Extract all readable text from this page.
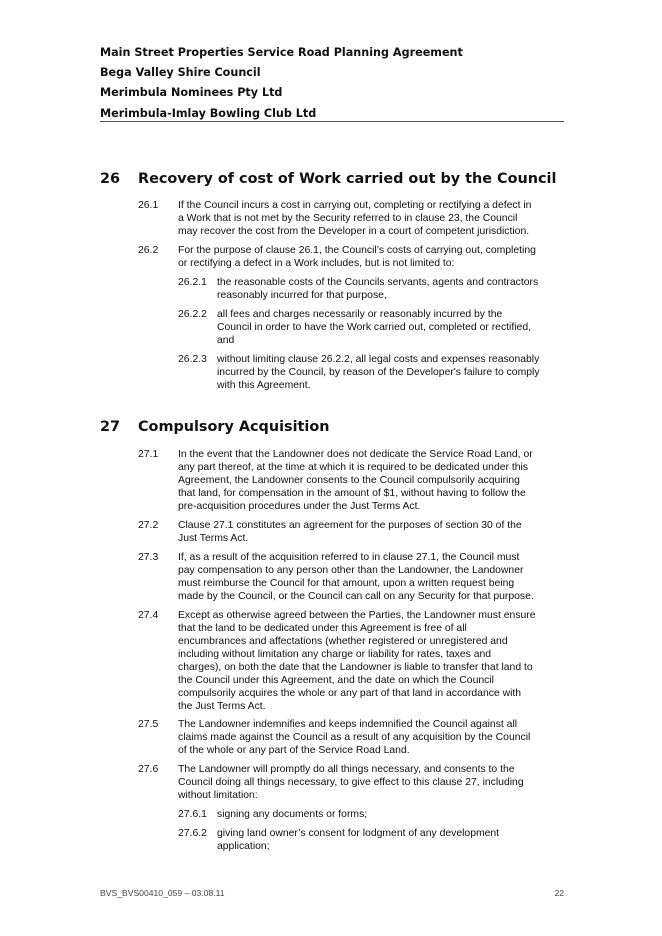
Main Street Properties Service Road Planning Agreement
Bega Valley Shire Council
Merimbula Nominees Pty Ltd
Merimbula-Imlay Bowling Club Ltd
26 Recovery of cost of Work carried out by the Council
26.1 If the Council incurs a cost in carrying out, completing or rectifying a defect in
a Work that is not met by the Security referred to in clause 23, the Council
may recover the cost from the Developer in a court of competent jurisdiction.
26.2 For the purpose of clause 26.1, the Council’s costs of carrying out, completing
or rectifying a defect in a Work includes, but is not limited to:
26.2.1 the reasonable costs of the Councils servants, agents and contractors
reasonably incurred for that purpose,
26.2.2 all fees and charges necessarily or reasonably incurred by the
Council in order to have the Work carried out, completed or rectified,
and
26.2.3 without limiting clause 26.2.2, all legal costs and expenses reasonably
incurred by the Council, by reason of the Developer's failure to comply
with this Agreement.
27 Compulsory Acquisition
27.1 In the event that the Landowner does not dedicate the Service Road Land, or
any part thereof, at the time at which it is required to be dedicated under this
Agreement, the Landowner consents to the Council compulsorily acquiring
that land, for compensation in the amount of $1, without having to follow the
pre-acquisition procedures under the Just Terms Act.
27.2 Clause 27.1 constitutes an agreement for the purposes of section 30 of the
Just Terms Act.
27.3 If, as a result of the acquisition referred to in clause 27.1, the Council must
pay compensation to any person other than the Landowner, the Landowner
must reimburse the Council for that amount, upon a written request being
made by the Council, or the Council can call on any Security for that purpose.
27.4 Except as otherwise agreed between the Parties, the Landowner must ensure
that the land to be dedicated under this Agreement is free of all
encumbrances and affectations (whether registered or unregistered and
including without limitation any charge or liability for rates, taxes and
charges), on both the date that the Landowner is liable to transfer that land to
the Council under this Agreement, and the date on which the Council
compulsorily acquires the whole or any part of that land in accordance with
the Just Terms Act.
27.5 The Landowner indemnifies and keeps indemnified the Council against all
claims made against the Council as a result of any acquisition by the Council
of the whole or any part of the Service Road Land.
27.6 The Landowner will promptly do all things necessary, and consents to the
Council doing all things necessary, to give effect to this clause 27, including
without limitation:
27.6.1 signing any documents or forms;
27.6.2 giving land owner’s consent for lodgment of any development
application;
BVS_BVS00410_059 – 03.08.11	22
